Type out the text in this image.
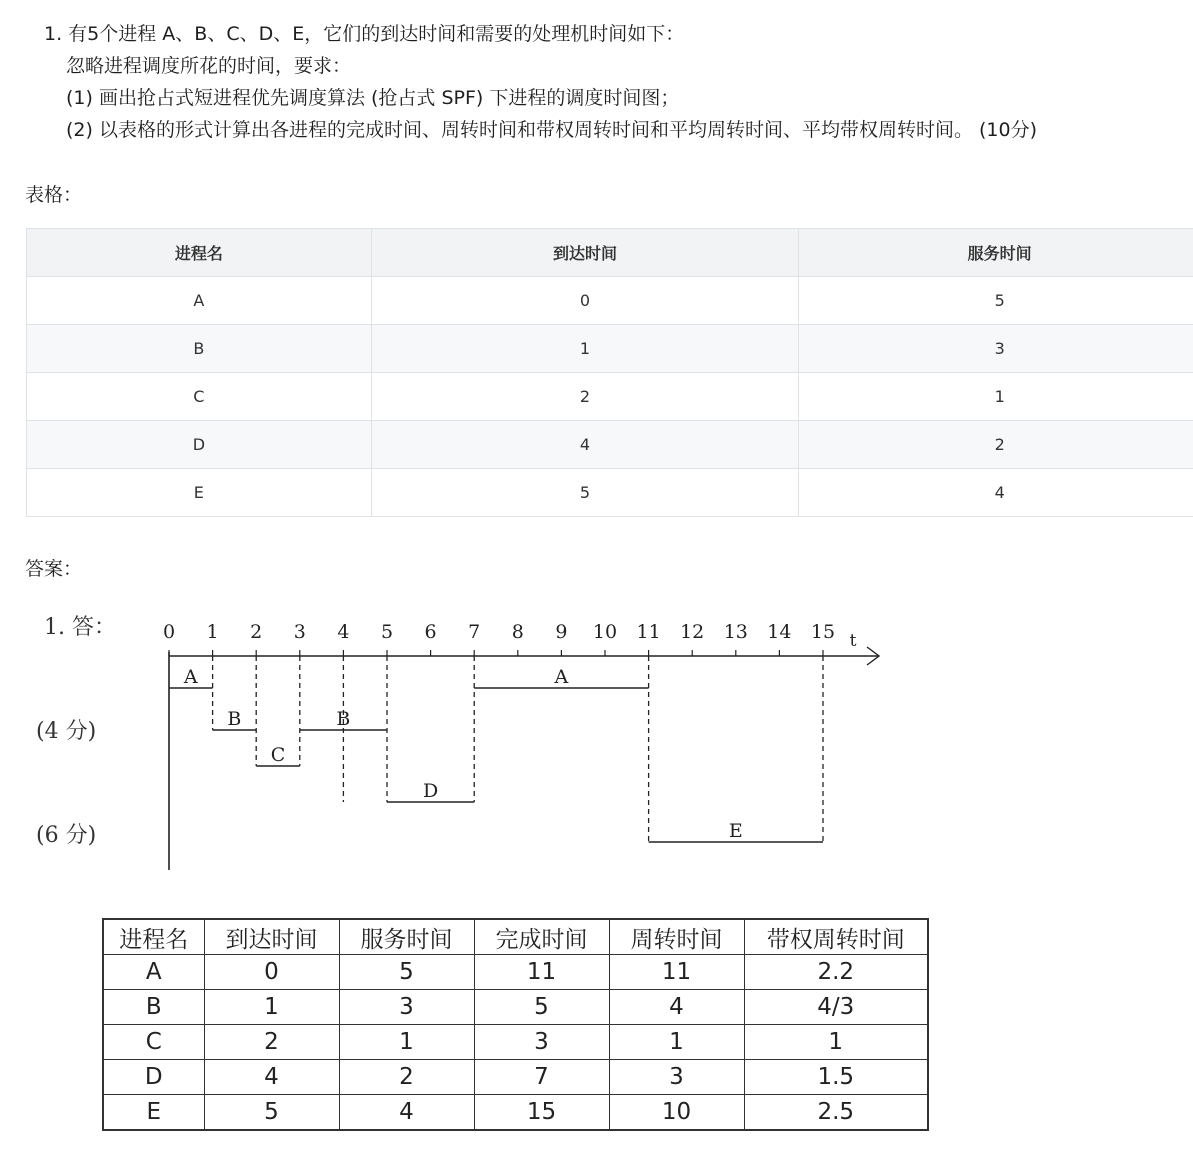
1. 有5个进程 A、B、C、D、E，它们的到达时间和需要的处理机时间如下：
忽略进程调度所花的时间，要求：
(1) 画出抢占式短进程优先调度算法 (抢占式 SPF) 下进程的调度时间图；
(2) 以表格的形式计算出各进程的完成时间、周转时间和带权周转时间和平均周转时间、平均带权周转时间。 (10分)
表格：
进程名	到达时间	服务时间
A	0	5
B	1	3
C	2	1
D	4	2
E	5	4
答案：
1. 答：
(4 分)
(6 分)
0 1 2 3 4 5 6 7 8 9 10 11 12 13 14 15 t
A
B
C
B
D
A
E
进程名	到达时间	服务时间	完成时间	周转时间	带权周转时间
A	0	5	11	11	2.2
B	1	3	5	4	4/3
C	2	1	3	1	1
D	4	2	7	3	1.5
E	5	4	15	10	2.5
